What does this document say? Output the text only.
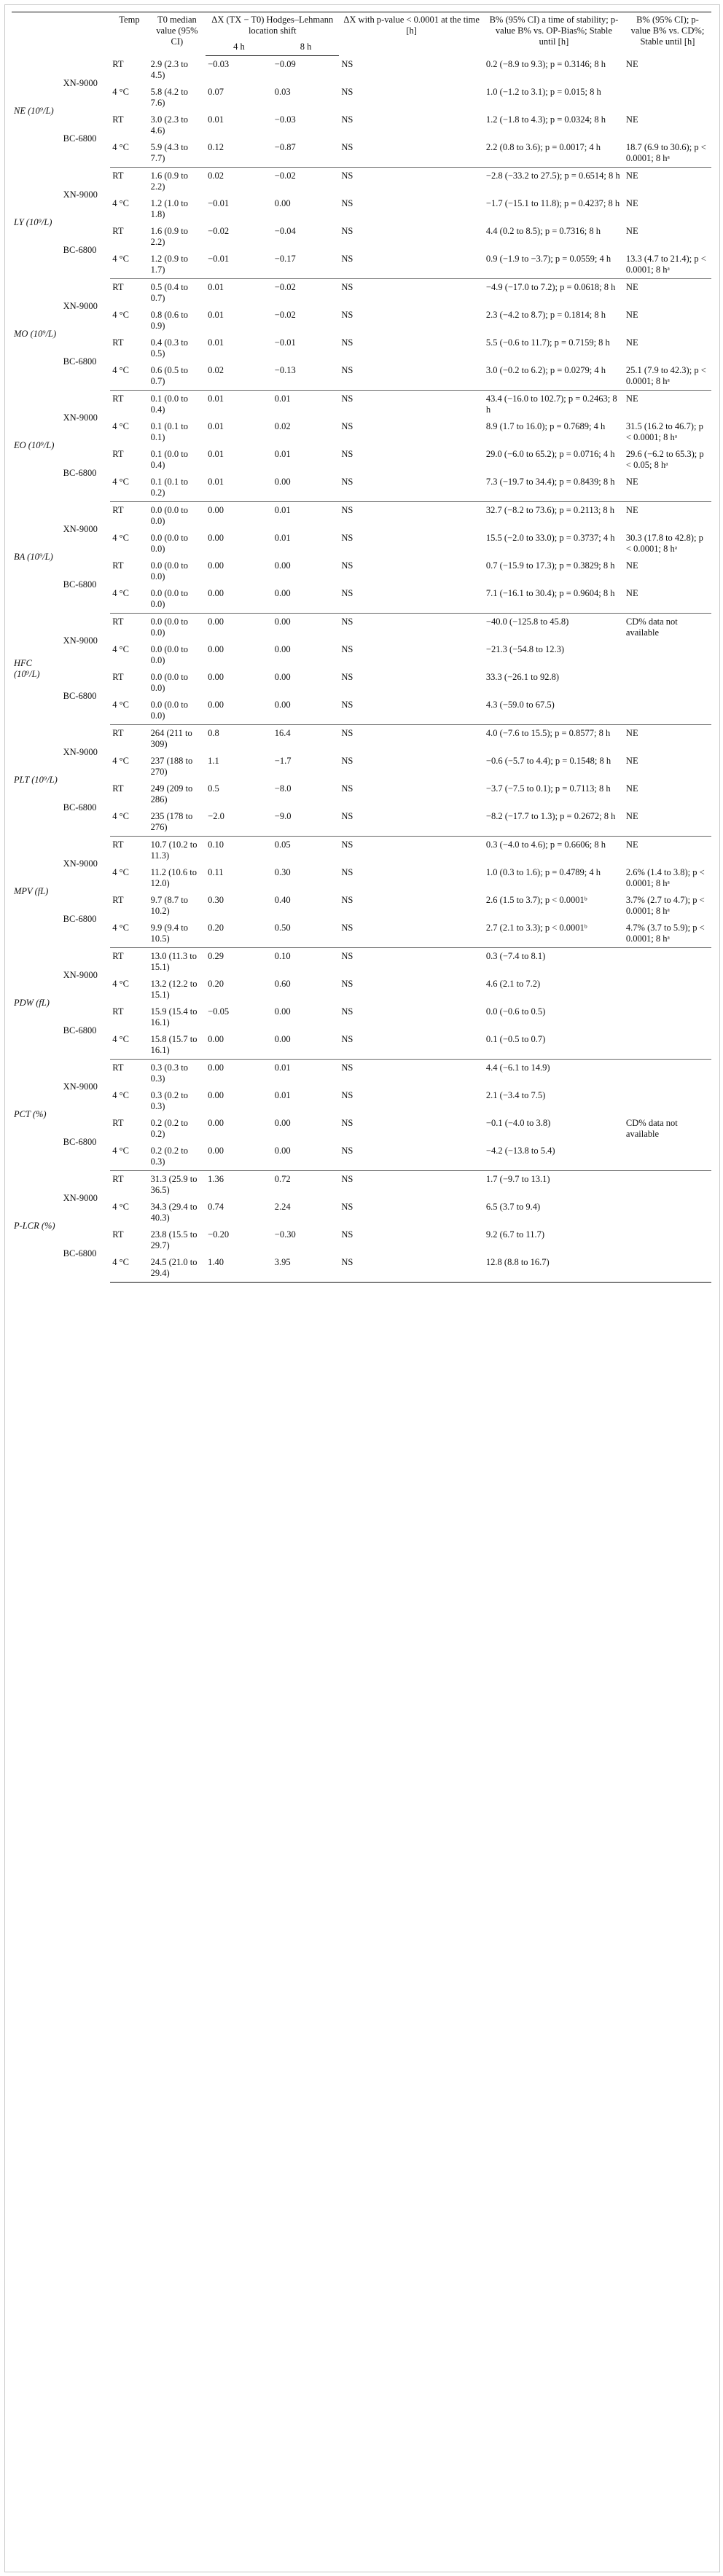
		Temp	T0 median value (95% CI)	ΔX (TX − T0) Hodges–Lehmann location shift		ΔX with p-value < 0.0001 at the time [h]	B% (95% CI) a time of stability; p-value B% vs. OP-Bias%; Stable until [h]	B% (95% CI); p-value B% vs. CD%; Stable until [h]
				4 h	8 h			
NE (10⁹/L)	XN-9000	RT	2.9 (2.3 to 4.5)	−0.03	−0.09	NS	0.2 (−8.9 to 9.3); p = 0.3146; 8 h	NE
		4 °C	5.8 (4.2 to 7.6)	0.07	0.03	NS	1.0 (−1.2 to 3.1); p = 0.015; 8 h	
	BC-6800	RT	3.0 (2.3 to 4.6)	0.01	−0.03	NS	1.2 (−1.8 to 4.3); p = 0.0324; 8 h	NE
		4 °C	5.9 (4.3 to 7.7)	0.12	−0.87	NS	2.2 (0.8 to 3.6); p = 0.0017; 4 h	18.7 (6.9 to 30.6); p < 0.0001; 8 hᵃ
LY (10⁹/L)	XN-9000	RT	1.6 (0.9 to 2.2)	0.02	−0.02	NS	−2.8 (−33.2 to 27.5); p = 0.6514; 8 h	NE
		4 °C	1.2 (1.0 to 1.8)	−0.01	0.00	NS	−1.7 (−15.1 to 11.8); p = 0.4237; 8 h	NE
	BC-6800	RT	1.6 (0.9 to 2.2)	−0.02	−0.04	NS	4.4 (0.2 to 8.5); p = 0.7316; 8 h	NE
		4 °C	1.2 (0.9 to 1.7)	−0.01	−0.17	NS	0.9 (−1.9 to −3.7); p = 0.0559; 4 h	13.3 (4.7 to 21.4); p < 0.0001; 8 hᵃ
MO (10⁹/L)	XN-9000	RT	0.5 (0.4 to 0.7)	0.01	−0.02	NS	−4.9 (−17.0 to 7.2); p = 0.0618; 8 h	NE
		4 °C	0.8 (0.6 to 0.9)	0.01	−0.02	NS	2.3 (−4.2 to 8.7); p = 0.1814; 8 h	NE
	BC-6800	RT	0.4 (0.3 to 0.5)	0.01	−0.01	NS	5.5 (−0.6 to 11.7); p = 0.7159; 8 h	NE
		4 °C	0.6 (0.5 to 0.7)	0.02	−0.13	NS	3.0 (−0.2 to 6.2); p = 0.0279; 4 h	25.1 (7.9 to 42.3); p < 0.0001; 8 hᵃ
EO (10⁹/L)	XN-9000	RT	0.1 (0.0 to 0.4)	0.01	0.01	NS	43.4 (−16.0 to 102.7); p = 0.2463; 8 h	NE
		4 °C	0.1 (0.1 to 0.1)	0.01	0.02	NS	8.9 (1.7 to 16.0); p = 0.7689; 4 h	31.5 (16.2 to 46.7); p < 0.0001; 8 hᵃ
	BC-6800	RT	0.1 (0.0 to 0.4)	0.01	0.01	NS	29.0 (−6.0 to 65.2); p = 0.0716; 4 h	29.6 (−6.2 to 65.3); p < 0.05; 8 hᵃ
		4 °C	0.1 (0.1 to 0.2)	0.01	0.00	NS	7.3 (−19.7 to 34.4); p = 0.8439; 8 h	NE
BA (10⁹/L)	XN-9000	RT	0.0 (0.0 to 0.0)	0.00	0.01	NS	32.7 (−8.2 to 73.6); p = 0.2113; 8 h	NE
		4 °C	0.0 (0.0 to 0.0)	0.00	0.01	NS	15.5 (−2.0 to 33.0); p = 0.3737; 4 h	30.3 (17.8 to 42.8); p < 0.0001; 8 hᵃ
	BC-6800	RT	0.0 (0.0 to 0.0)	0.00	0.00	NS	0.7 (−15.9 to 17.3); p = 0.3829; 8 h	NE
		4 °C	0.0 (0.0 to 0.0)	0.00	0.00	NS	7.1 (−16.1 to 30.4); p = 0.9604; 8 h	NE
HFC (10⁹/L)	XN-9000	RT	0.0 (0.0 to 0.0)	0.00	0.00	NS	−40.0 (−125.8 to 45.8)	CD% data not available
		4 °C	0.0 (0.0 to 0.0)	0.00	0.00	NS	−21.3 (−54.8 to 12.3)	
	BC-6800	RT	0.0 (0.0 to 0.0)	0.00	0.00	NS	33.3 (−26.1 to 92.8)	
		4 °C	0.0 (0.0 to 0.0)	0.00	0.00	NS	4.3 (−59.0 to 67.5)	
PLT (10⁹/L)	XN-9000	RT	264 (211 to 309)	0.8	16.4	NS	4.0 (−7.6 to 15.5); p = 0.8577; 8 h	NE
		4 °C	237 (188 to 270)	1.1	−1.7	NS	−0.6 (−5.7 to 4.4); p = 0.1548; 8 h	NE
	BC-6800	RT	249 (209 to 286)	0.5	−8.0	NS	−3.7 (−7.5 to 0.1); p = 0.7113; 8 h	NE
		4 °C	235 (178 to 276)	−2.0	−9.0	NS	−8.2 (−17.7 to 1.3); p = 0.2672; 8 h	NE
MPV (fL)	XN-9000	RT	10.7 (10.2 to 11.3)	0.10	0.05	NS	0.3 (−4.0 to 4.6); p = 0.6606; 8 h	NE
		4 °C	11.2 (10.6 to 12.0)	0.11	0.30	NS	1.0 (0.3 to 1.6); p = 0.4789; 4 h	2.6% (1.4 to 3.8); p < 0.0001; 8 hᵃ
	BC-6800	RT	9.7 (8.7 to 10.2)	0.30	0.40	NS	2.6 (1.5 to 3.7); p < 0.0001ᵇ	3.7% (2.7 to 4.7); p < 0.0001; 8 hᵃ
		4 °C	9.9 (9.4 to 10.5)	0.20	0.50	NS	2.7 (2.1 to 3.3); p < 0.0001ᵇ	4.7% (3.7 to 5.9); p < 0.0001; 8 hᵃ
PDW (fL)	XN-9000	RT	13.0 (11.3 to 15.1)	0.29	0.10	NS	0.3 (−7.4 to 8.1)	
		4 °C	13.2 (12.2 to 15.1)	0.20	0.60	NS	4.6 (2.1 to 7.2)	
	BC-6800	RT	15.9 (15.4 to 16.1)	−0.05	0.00	NS	0.0 (−0.6 to 0.5)	
		4 °C	15.8 (15.7 to 16.1)	0.00	0.00	NS	0.1 (−0.5 to 0.7)	
PCT (%)	XN-9000	RT	0.3 (0.3 to 0.3)	0.00	0.01	NS	4.4 (−6.1 to 14.9)	
		4 °C	0.3 (0.2 to 0.3)	0.00	0.01	NS	2.1 (−3.4 to 7.5)	
	BC-6800	RT	0.2 (0.2 to 0.2)	0.00	0.00	NS	−0.1 (−4.0 to 3.8)	CD% data not available
		4 °C	0.2 (0.2 to 0.3)	0.00	0.00	NS	−4.2 (−13.8 to 5.4)	
P-LCR (%)	XN-9000	RT	31.3 (25.9 to 36.5)	1.36	0.72	NS	1.7 (−9.7 to 13.1)	
		4 °C	34.3 (29.4 to 40.3)	0.74	2.24	NS	6.5 (3.7 to 9.4)	
	BC-6800	RT	23.8 (15.5 to 29.7)	−0.20	−0.30	NS	9.2 (6.7 to 11.7)	
		4 °C	24.5 (21.0 to 29.4)	1.40	3.95	NS	12.8 (8.8 to 16.7)	
